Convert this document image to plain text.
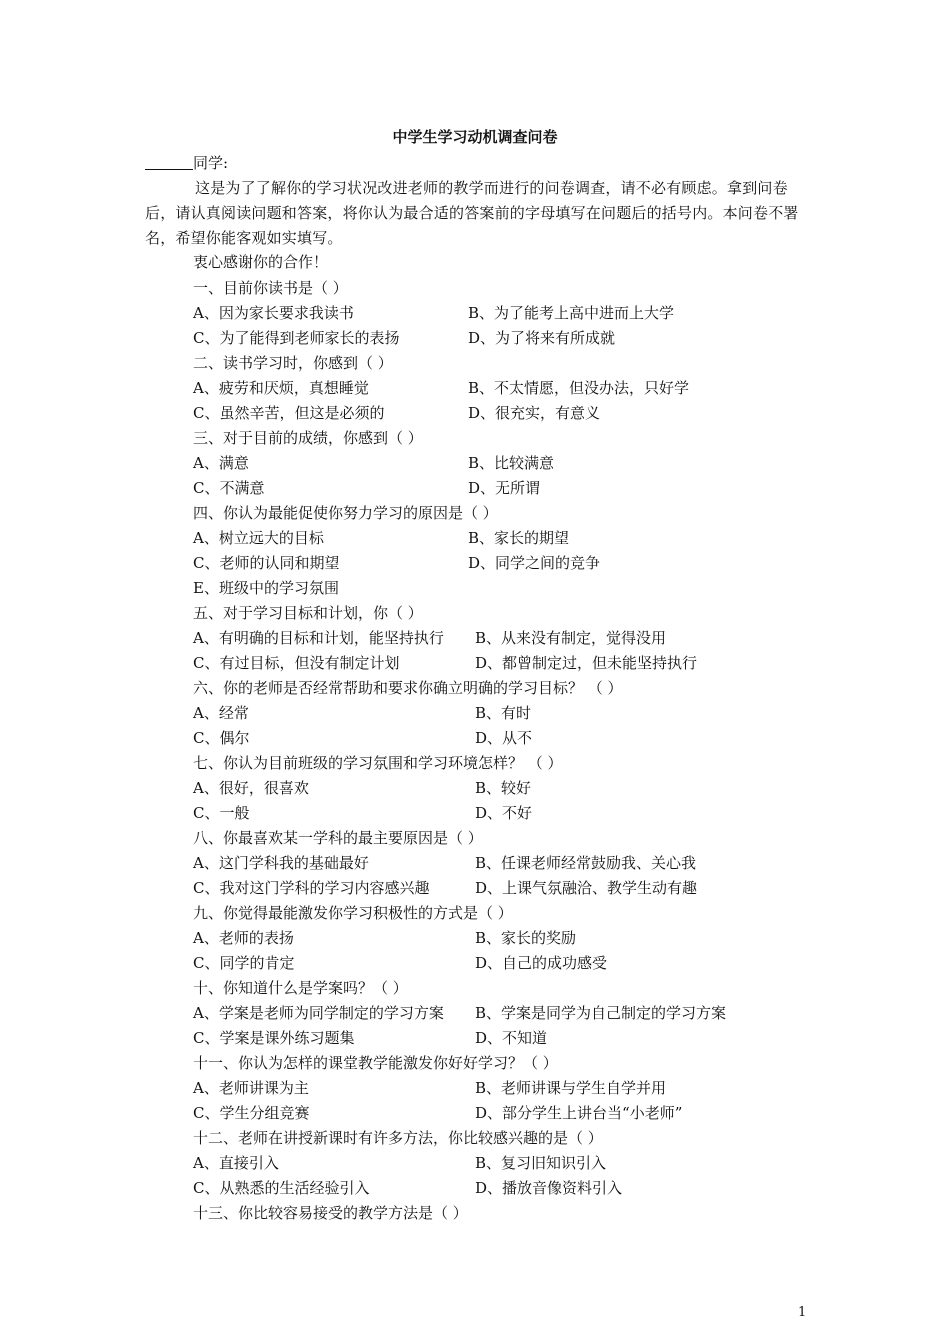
中学生学习动机调查问卷
同学:

这是为了了解你的学习状况改进老师的教学而进行的问卷调查，请不必有顾虑。拿到问卷后，请认真阅读问题和答案，将你认为最合适的答案前的字母填写在问题后的括号内。本问卷不署名，希望你能客观如实填写。

衷心感谢你的合作！
一、目前你读书是（ ）
A、因为家长要求我读书	B、为了能考上高中进而上大学
C、为了能得到老师家长的表扬	D、为了将来有所成就
二、读书学习时，你感到（ ）
A、疲劳和厌烦，真想睡觉	B、不太情愿，但没办法，只好学
C、虽然辛苦，但这是必须的	D、很充实，有意义
三、对于目前的成绩，你感到（ ）
A、满意	B、比较满意
C、不满意	D、无所谓
四、你认为最能促使你努力学习的原因是（ ）
A、树立远大的目标	B、家长的期望
C、老师的认同和期望	D、同学之间的竞争
E、班级中的学习氛围
五、对于学习目标和计划，你（ ）
A、有明确的目标和计划，能坚持执行 B、从来没有制定，觉得没用
C、有过目标，但没有制定计划	D、都曾制定过，但未能坚持执行
六、你的老师是否经常帮助和要求你确立明确的学习目标？ （ ）
A、经常	B、有时
C、偶尔	D、从不
七、你认为目前班级的学习氛围和学习环境怎样？ （ ）
A、很好，很喜欢	B、较好
C、一般	D、不好
八、你最喜欢某一学科的最主要原因是（ ）
A、这门学科我的基础最好	B、任课老师经常鼓励我、关心我
C、我对这门学科的学习内容感兴趣	D、上课气氛融洽、教学生动有趣
九、你觉得最能激发你学习积极性的方式是（ ）
A、老师的表扬	B、家长的奖励
C、同学的肯定	D、自己的成功感受
十、你知道什么是学案吗？（ ）
A、学案是老师为同学制定的学习方案 B、学案是同学为自己制定的学习方案
C、学案是课外练习题集	D、不知道
十一、你认为怎样的课堂教学能激发你好好学习？（ ）
A、老师讲课为主	B、老师讲课与学生自学并用
C、学生分组竞赛	D、部分学生上讲台当“小老师”
十二、老师在讲授新课时有许多方法，你比较感兴趣的是（ ）
A、直接引入	B、复习旧知识引入
C、从熟悉的生活经验引入	D、播放音像资料引入
十三、你比较容易接受的教学方法是（ ）
1
